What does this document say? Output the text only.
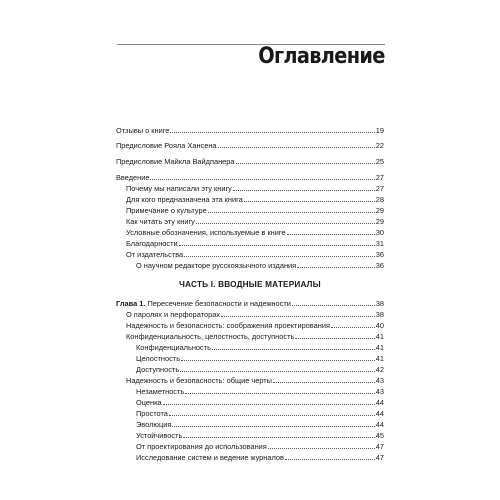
Оглавление
Отзывы о книге	19
Предисловие Рояла Хансена	22
Предисловие Майкла Вайдпанера	25
Введение	27
Почему мы написали эту книгу	27
Для кого предназначена эта книга	28
Примечание о культуре	29
Как читать эту книгу	29
Условные обозначения, используемые в книге	30
Благодарности	31
От издательства	36
О научном редакторе русскоязычного издания	36
ЧАСТЬ I. ВВОДНЫЕ МАТЕРИАЛЫ
Глава 1. Пересечение безопасности и надежности	38
О паролях и перфораторах	38
Надежность и безопасность: соображения проектирования	40
Конфиденциальность, целостность, доступность	41
Конфиденциальность	41
Целостность	41
Доступность	42
Надежность и безопасность: общие черты	43
Незаметность	43
Оценка	44
Простота	44
Эволюция	44
Устойчивость	45
От проектирования до использования	47
Исследование систем и ведение журналов	47
